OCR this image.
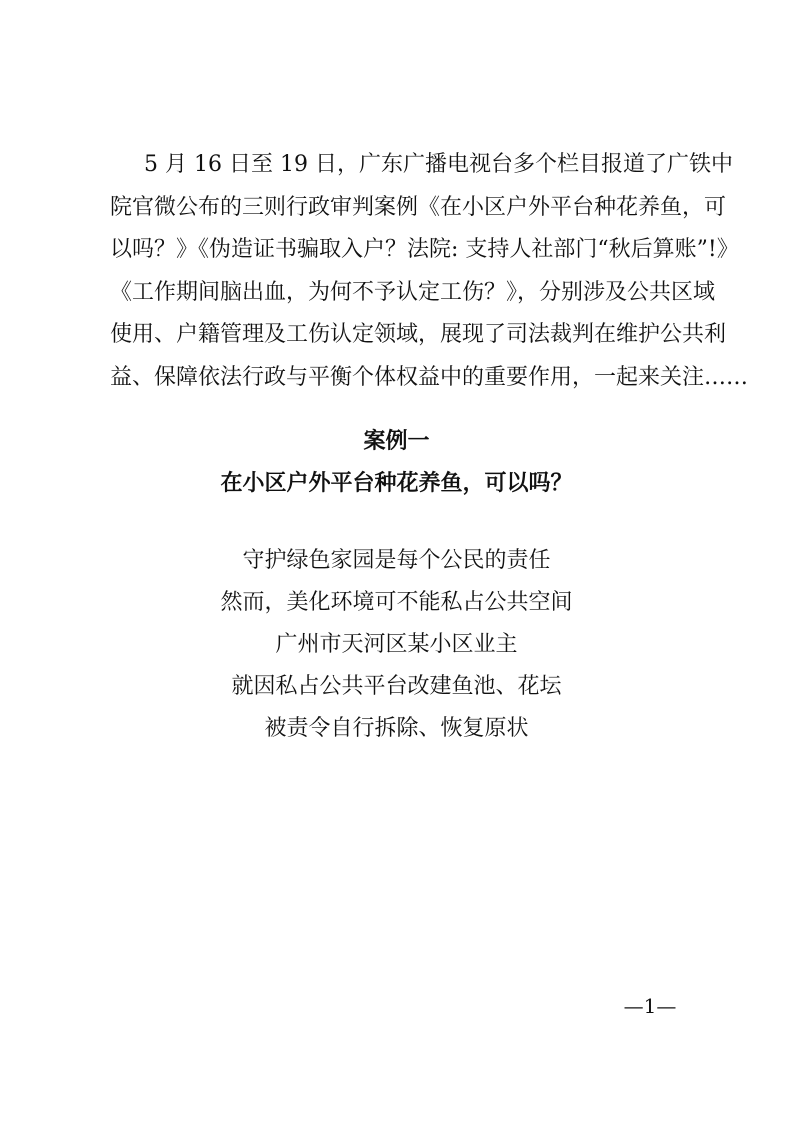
5 月 16 日至 19 日，广东广播电视台多个栏目报道了广铁中
院官微公布的三则行政审判案例《在小区户外平台种花养鱼，可
以吗？》《伪造证书骗取入户？法院: 支持人社部门“秋后算账”!》
《工作期间脑出血，为何不予认定工伤？》，分别涉及公共区域
使用、户籍管理及工伤认定领域，展现了司法裁判在维护公共利
益、保障依法行政与平衡个体权益中的重要作用，一起来关注……

案例一
在小区户外平台种花养鱼，可以吗？
守护绿色家园是每个公民的责任
然而，美化环境可不能私占公共空间
广州市天河区某小区业主
就因私占公共平台改建鱼池、花坛
被责令自行拆除、恢复原状
—1—
